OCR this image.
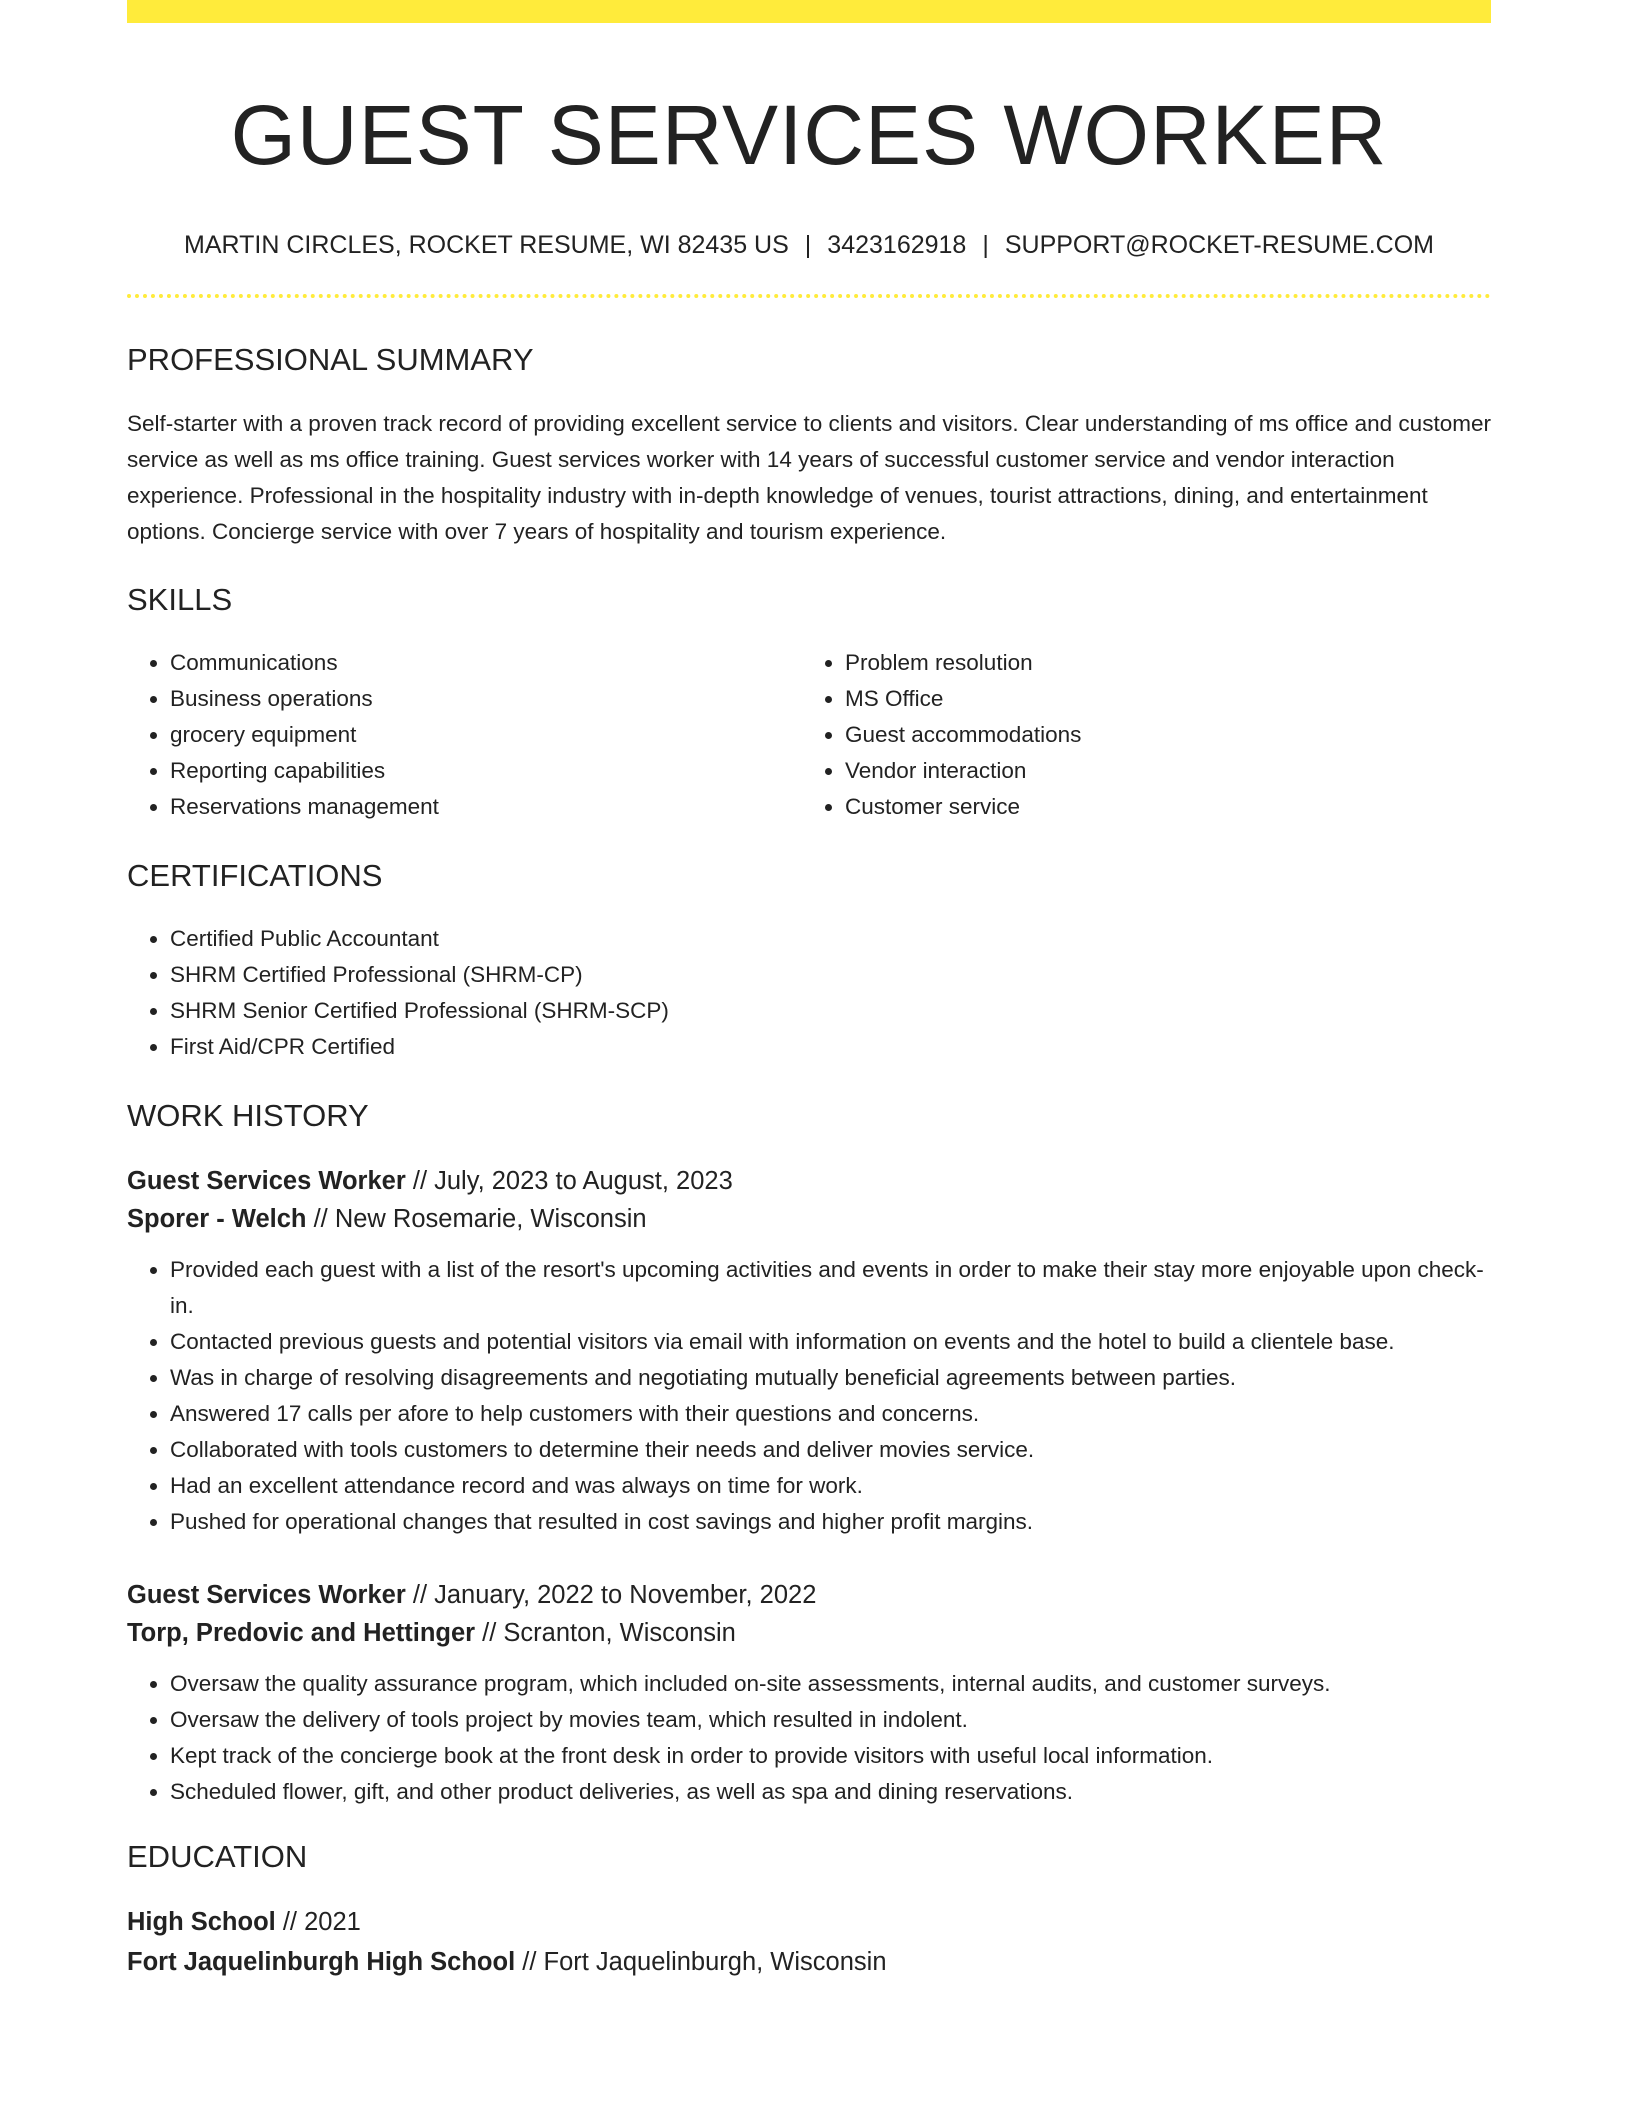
GUEST SERVICES WORKER
MARTIN CIRCLES, ROCKET RESUME, WI 82435 US | 3423162918 | SUPPORT@ROCKET-RESUME.COM
PROFESSIONAL SUMMARY

Self-starter with a proven track record of providing excellent service to clients and visitors. Clear understanding of ms office and customer service as well as ms office training. Guest services worker with 14 years of successful customer service and vendor interaction experience. Professional in the hospitality industry with in-depth knowledge of venues, tourist attractions, dining, and entertainment options. Concierge service with over 7 years of hospitality and tourism experience.

SKILLS
• Communications
• Business operations
• grocery equipment
• Reporting capabilities
• Reservations management
• Problem resolution
• MS Office
• Guest accommodations
• Vendor interaction
• Customer service
CERTIFICATIONS
• Certified Public Accountant
• SHRM Certified Professional (SHRM-CP)
• SHRM Senior Certified Professional (SHRM-SCP)
• First Aid/CPR Certified
WORK HISTORY
Guest Services Worker // July, 2023 to August, 2023
Sporer - Welch // New Rosemarie, Wisconsin
• Provided each guest with a list of the resort's upcoming activities and events in order to make their stay more enjoyable upon check-in.
• Contacted previous guests and potential visitors via email with information on events and the hotel to build a clientele base.
• Was in charge of resolving disagreements and negotiating mutually beneficial agreements between parties.
• Answered 17 calls per afore to help customers with their questions and concerns.
• Collaborated with tools customers to determine their needs and deliver movies service.
• Had an excellent attendance record and was always on time for work.
• Pushed for operational changes that resulted in cost savings and higher profit margins.
Guest Services Worker // January, 2022 to November, 2022
Torp, Predovic and Hettinger // Scranton, Wisconsin
• Oversaw the quality assurance program, which included on-site assessments, internal audits, and customer surveys.
• Oversaw the delivery of tools project by movies team, which resulted in indolent.
• Kept track of the concierge book at the front desk in order to provide visitors with useful local information.
• Scheduled flower, gift, and other product deliveries, as well as spa and dining reservations.
EDUCATION
High School // 2021
Fort Jaquelinburgh High School // Fort Jaquelinburgh, Wisconsin
